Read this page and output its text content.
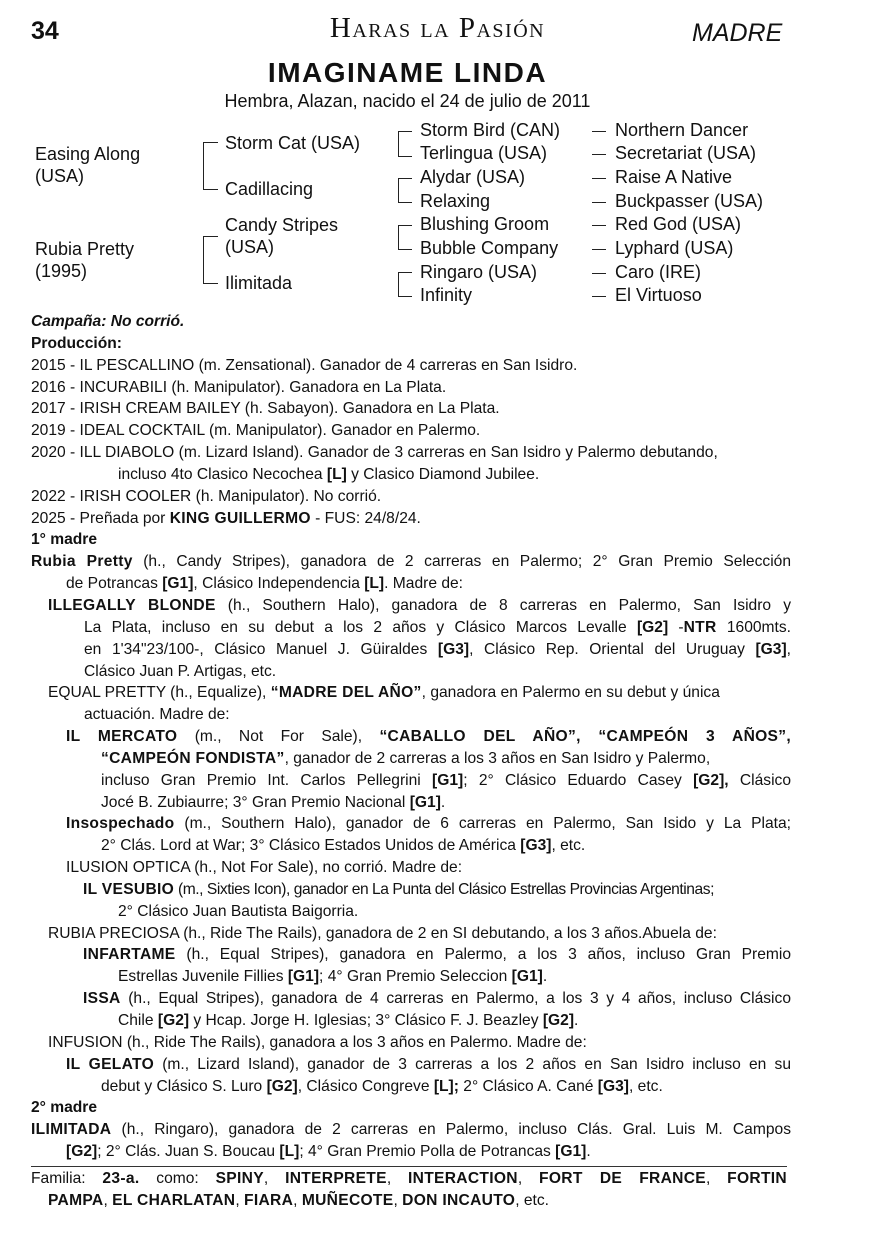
34	Haras la Pasión	MADRE
IMAGINAME LINDA
Hembra, Alazan, nacido el 24 de julio de 2011
Easing Along
(USA)
Rubia Pretty
(1995)
Storm Cat (USA)
Cadillacing
Candy Stripes
(USA)
Ilimitada
Storm Bird (CAN)
Terlingua (USA)
Alydar (USA)
Relaxing
Blushing Groom
Bubble Company
Ringaro (USA)
Infinity
Northern Dancer
Secretariat (USA)
Raise A Native
Buckpasser (USA)
Red God (USA)
Lyphard (USA)
Caro (IRE)
El Virtuoso
Campaña: No corrió.
Producción:
2015 - IL PESCALLINO (m. Zensational). Ganador de 4 carreras en San Isidro.
2016 - INCURABILI (h. Manipulator). Ganadora en La Plata.
2017 - IRISH CREAM BAILEY (h. Sabayon). Ganadora en La Plata.
2019 - IDEAL COCKTAIL (m. Manipulator). Ganador en Palermo.
2020 - ILL DIABOLO (m. Lizard Island). Ganador de 3 carreras en San Isidro y Palermo debutando,
incluso 4to Clasico Necochea [L] y Clasico Diamond Jubilee.
2022 - IRISH COOLER (h. Manipulator). No corrió.
2025 - Preñada por KING GUILLERMO - FUS: 24/8/24.
1° madre
Rubia Pretty (h., Candy Stripes), ganadora de 2 carreras en Palermo; 2° Gran Premio Selección
de Potrancas [G1], Clásico Independencia [L]. Madre de:
ILLEGALLY BLONDE (h., Southern Halo), ganadora de 8 carreras en Palermo, San Isidro y
La Plata, incluso en su debut a los 2 años y Clásico Marcos Levalle [G2] -NTR 1600mts.
en 1'34"23/100-, Clásico Manuel J. Güiraldes [G3], Clásico Rep. Oriental del Uruguay [G3],
Clásico Juan P. Artigas, etc.
EQUAL PRETTY (h., Equalize), “MADRE DEL AÑO”, ganadora en Palermo en su debut y única
actuación. Madre de:
IL MERCATO (m., Not For Sale), “CABALLO DEL AÑO”, “CAMPEÓN 3 AÑOS”,
“CAMPEÓN FONDISTA”, ganador de 2 carreras a los 3 años en San Isidro y Palermo,
incluso Gran Premio Int. Carlos Pellegrini [G1]; 2° Clásico Eduardo Casey [G2], Clásico
Jocé B. Zubiaurre; 3° Gran Premio Nacional [G1].
Insospechado (m., Southern Halo), ganador de 6 carreras en Palermo, San Isido y La Plata;
2° Clás. Lord at War; 3° Clásico Estados Unidos de América [G3], etc.
ILUSION OPTICA (h., Not For Sale), no corrió. Madre de:
IL VESUBIO (m., Sixties Icon), ganador en La Punta del Clásico Estrellas Provincias Argentinas;
2° Clásico Juan Bautista Baigorria.
RUBIA PRECIOSA (h., Ride The Rails), ganadora de 2 en SI debutando, a los 3 años.Abuela de:
INFARTAME (h., Equal Stripes), ganadora en Palermo, a los 3 años, incluso Gran Premio
Estrellas Juvenile Fillies [G1]; 4° Gran Premio Seleccion [G1].
ISSA (h., Equal Stripes), ganadora de 4 carreras en Palermo, a los 3 y 4 años, incluso Clásico
Chile [G2] y Hcap. Jorge H. Iglesias; 3° Clásico F. J. Beazley [G2].
INFUSION (h., Ride The Rails), ganadora a los 3 años en Palermo. Madre de:
IL GELATO (m., Lizard Island), ganador de 3 carreras a los 2 años en San Isidro incluso en su
debut y Clásico S. Luro [G2], Clásico Congreve [L]; 2° Clásico A. Cané [G3], etc.
2° madre
ILIMITADA (h., Ringaro), ganadora de 2 carreras en Palermo, incluso Clás. Gral. Luis M. Campos
[G2]; 2° Clás. Juan S. Boucau [L]; 4° Gran Premio Polla de Potrancas [G1].
Familia: 23-a. como: SPINY, INTERPRETE, INTERACTION, FORT DE FRANCE, FORTIN
PAMPA, EL CHARLATAN, FIARA, MUÑECOTE, DON INCAUTO, etc.
